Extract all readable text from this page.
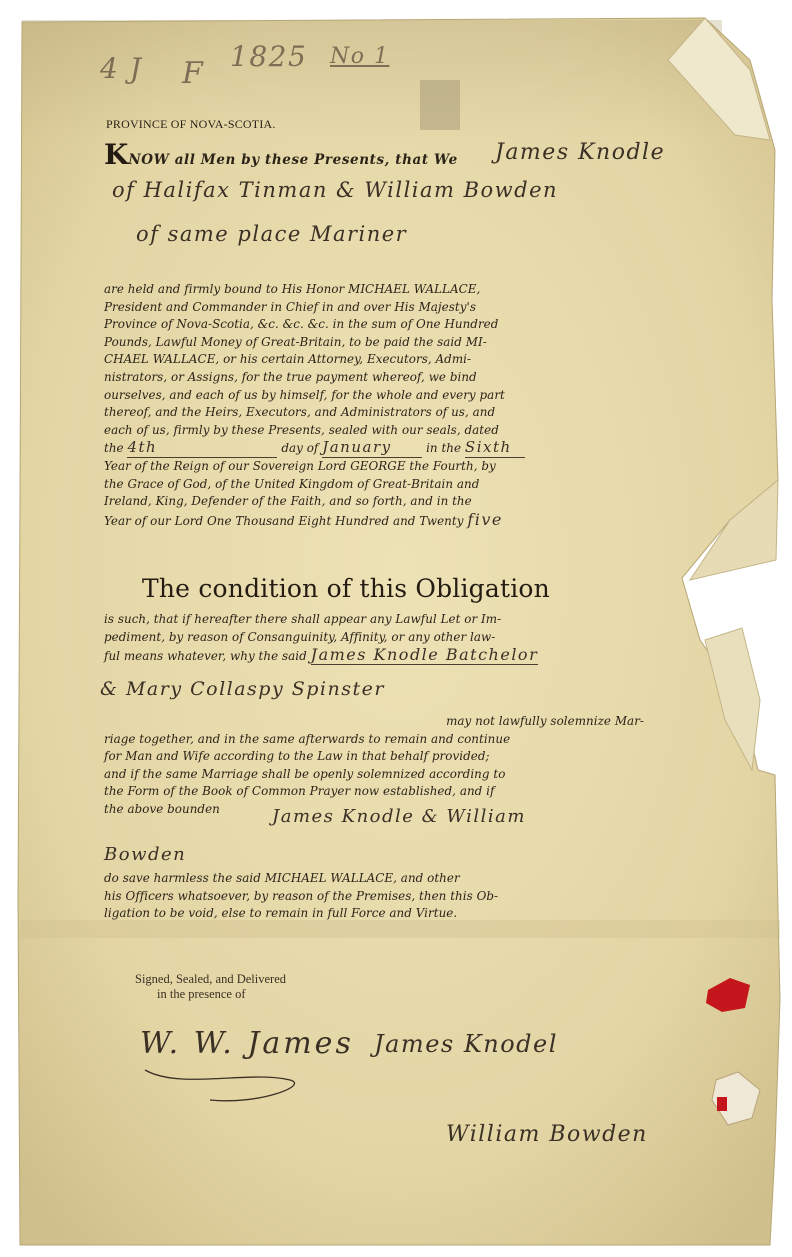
4 J F 1825 No 1
PROVINCE OF NOVA-SCOTIA.
KNOW all Men by these Presents, that We James Knodle
of Halifax Tinman & William Bowden
of same place Mariner

are held and firmly bound to His Honor MICHAEL WALLACE,

President and Commander in Chief in and over His Majesty's

Province of Nova-Scotia, &c. &c. &c. in the sum of One Hundred

Pounds, Lawful Money of Great-Britain, to be paid the said MI-

CHAEL WALLACE, or his certain Attorney, Executors, Admi-

nistrators, or Assigns, for the true payment whereof, we bind

ourselves, and each of us by himself, for the whole and every part

thereof, and the Heirs, Executors, and Administrators of us, and

each of us, firmly by these Presents, sealed with our seals, dated

the 4th	day of January	in the Sixth

Year of the Reign of our Sovereign Lord GEORGE the Fourth, by

the Grace of God, of the United Kingdom of Great-Britain and

Ireland, King, Defender of the Faith, and so forth, and in the

Year of our Lord One Thousand Eight Hundred and Twenty five

The condition of this Obligation

is such, that if hereafter there shall appear any Lawful Let or Im-

pediment, by reason of Consanguinity, Affinity, or any other law-

ful means whatever, why the said James Knodle Batchelor

& Mary Collaspy Spinster

may not lawfully solemnize Mar-

riage together, and in the same afterwards to remain and continue

for Man and Wife according to the Law in that behalf provided;

and if the same Marriage shall be openly solemnized according to

the Form of the Book of Common Prayer now established, and if

the above bounden	James Knodle & William
Bowden

do save harmless the said MICHAEL WALLACE, and other

his Officers whatsoever, by reason of the Premises, then this Ob-

ligation to be void, else to remain in full Force and Virtue.

Signed, Sealed, and Delivered
in the presence of
W. W. James James Knodel
William Bowden
